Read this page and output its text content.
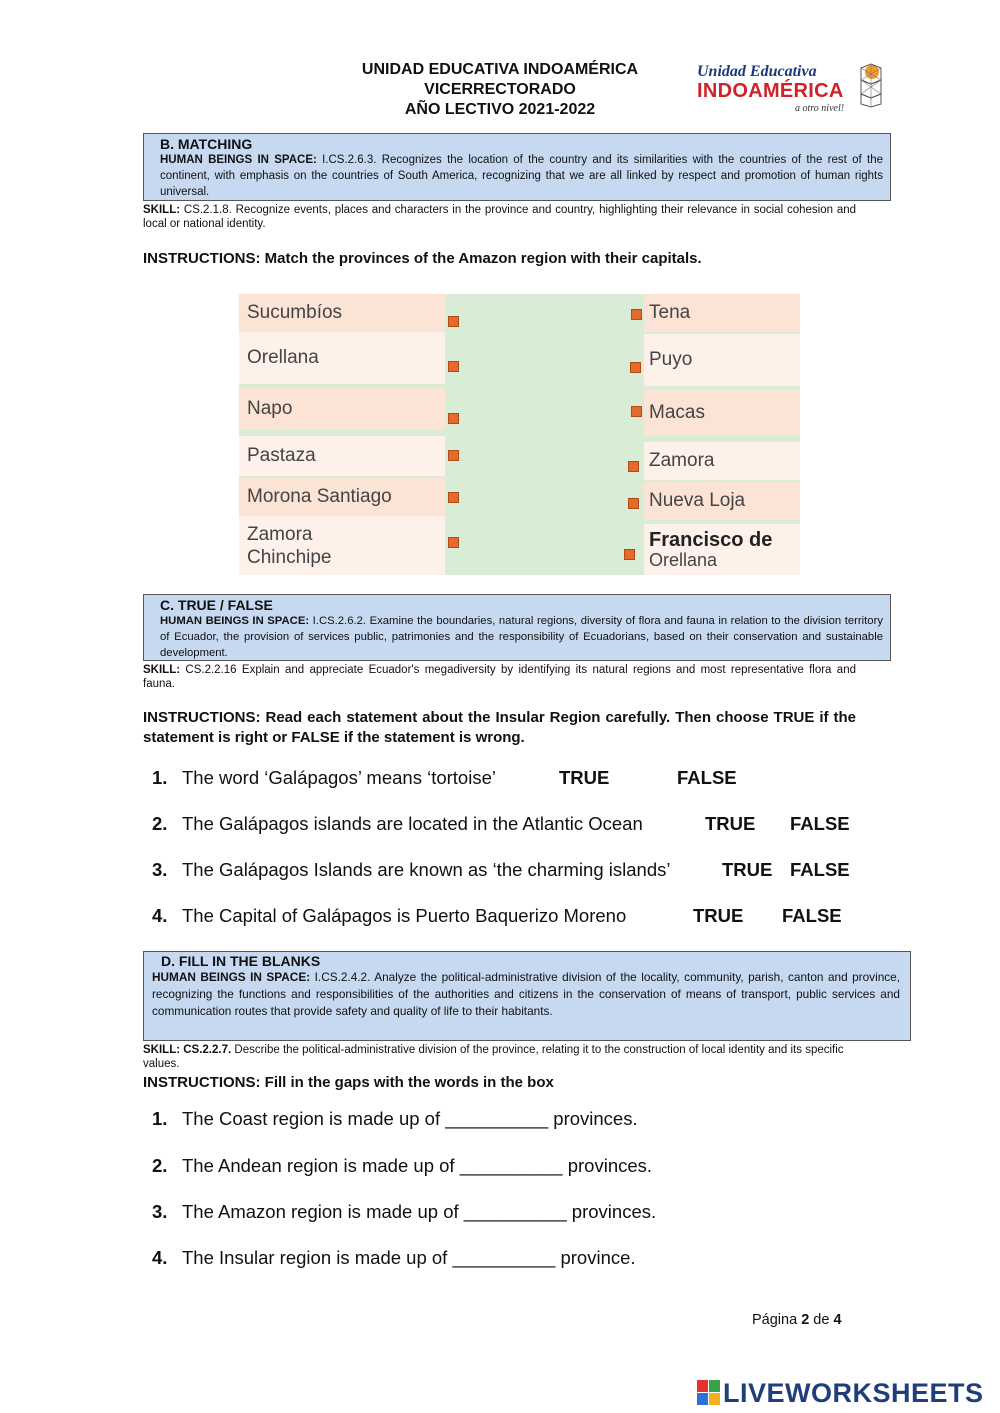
UNIDAD EDUCATIVA INDOAMÉRICA
VICERRECTORADO
AÑO LECTIVO 2021-2022
Unidad Educativa
INDOAMÉRICA
a otro nivel!
B. MATCHING
HUMAN BEINGS IN SPACE: I.CS.2.6.3. Recognizes the location of the country and its similarities with the countries of the rest of the continent, with emphasis on the countries of South America, recognizing that we are all linked by respect and promotion of human rights universal.
SKILL: CS.2.1.8. Recognize events, places and characters in the province and country, highlighting their relevance in social cohesion and local or national identity.
INSTRUCTIONS: Match the provinces of the Amazon region with their capitals.
Sucumbíos
Orellana
Napo
Pastaza
Morona Santiago
Zamora Chinchipe
Tena
Puyo
Macas
Zamora
Nueva Loja
Francisco de
Orellana
C. TRUE / FALSE
HUMAN BEINGS IN SPACE: I.CS.2.6.2. Examine the boundaries, natural regions, diversity of flora and fauna in relation to the division territory of Ecuador, the provision of services public, patrimonies and the responsibility of Ecuadorians, based on their conservation and sustainable development.
SKILL: CS.2.2.16 Explain and appreciate Ecuador's megadiversity by identifying its natural regions and most representative flora and fauna.
INSTRUCTIONS: Read each statement about the Insular Region carefully. Then choose TRUE if the statement is right or FALSE if the statement is wrong.
1. The word ‘Galápagos’ means ‘tortoise’	TRUE	FALSE
2. The Galápagos islands are located in the Atlantic Ocean	TRUE FALSE
3. The Galápagos Islands are known as ‘the charming islands’	TRUE FALSE
4. The Capital of Galápagos is Puerto Baquerizo Moreno	TRUE FALSE
D. FILL IN THE BLANKS
HUMAN BEINGS IN SPACE: I.CS.2.4.2. Analyze the political-administrative division of the locality, community, parish, canton and province, recognizing the functions and responsibilities of the authorities and citizens in the conservation of means of transport, public services and communication routes that provide safety and quality of life to their habitants.
SKILL: CS.2.2.7. Describe the political-administrative division of the province, relating it to the construction of local identity and its specific values.
INSTRUCTIONS: Fill in the gaps with the words in the box
1. The Coast region is made up of __________ provinces.
2. The Andean region is made up of __________ provinces.
3. The Amazon region is made up of __________ provinces.
4. The Insular region is made up of __________ province.
Página 2 de 4
LIVEWORKSHEETS
